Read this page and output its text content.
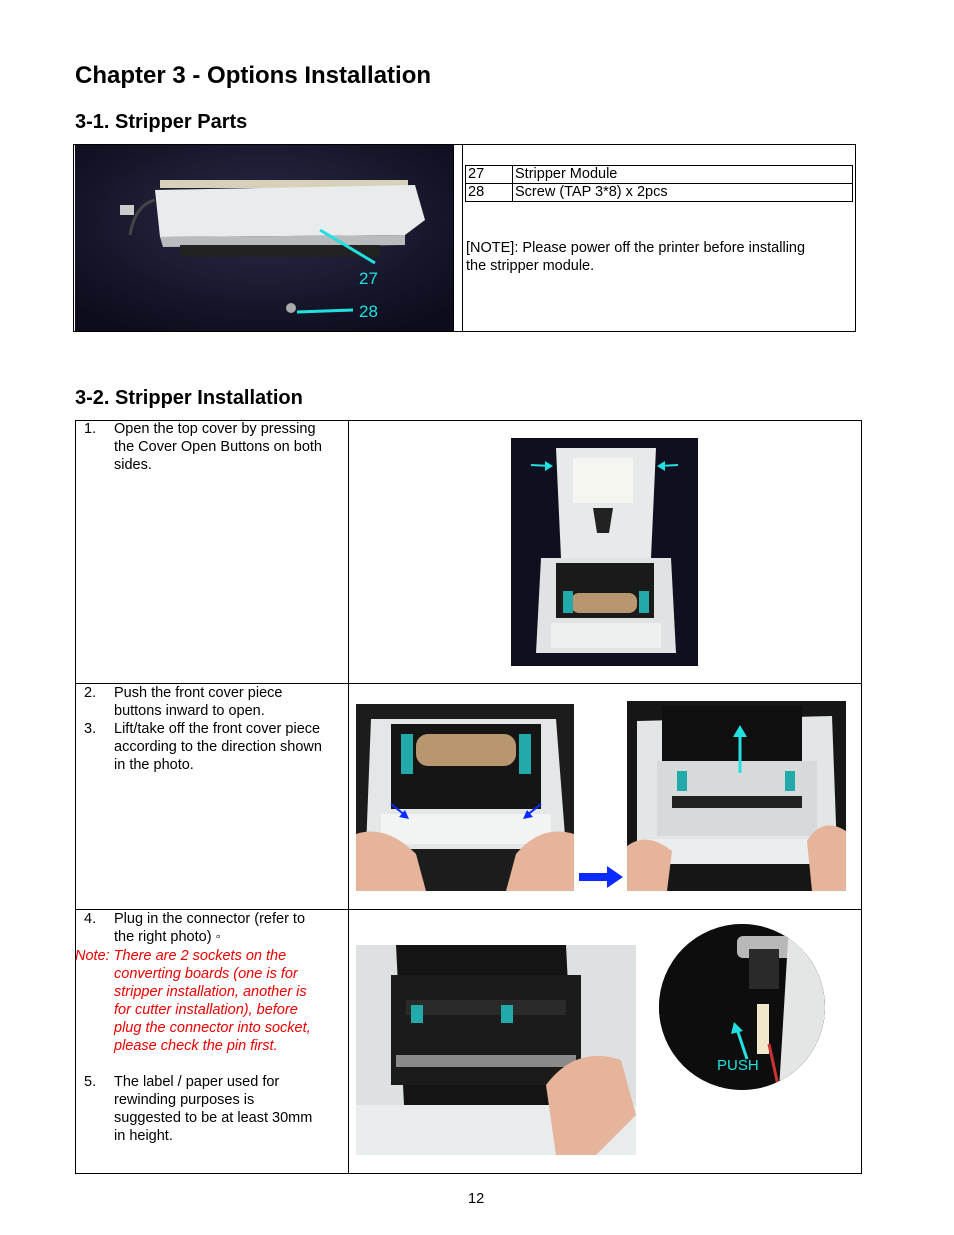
Chapter 3 - Options Installation
3-1. Stripper Parts
27
28
27	Stripper Module
28	Screw (TAP 3*8) x 2pcs
[NOTE]: Please power off the printer before installing
the stripper module.
3-2. Stripper Installation
1. Open the top cover by pressing
the Cover Open Buttons on both
sides.
2. Push the front cover piece
buttons inward to open.
3. Lift/take off the front cover piece
according to the direction shown
in the photo.
4. Plug in the connector (refer to
the right photo) ◦
Note: There are 2 sockets on the
converting boards (one is for
stripper installation, another is
for cutter installation), before
plug the connector into socket,
please check the pin first.
5. The label / paper used for
rewinding purposes is
suggested to be at least 30mm
in height.
PUSH
12
